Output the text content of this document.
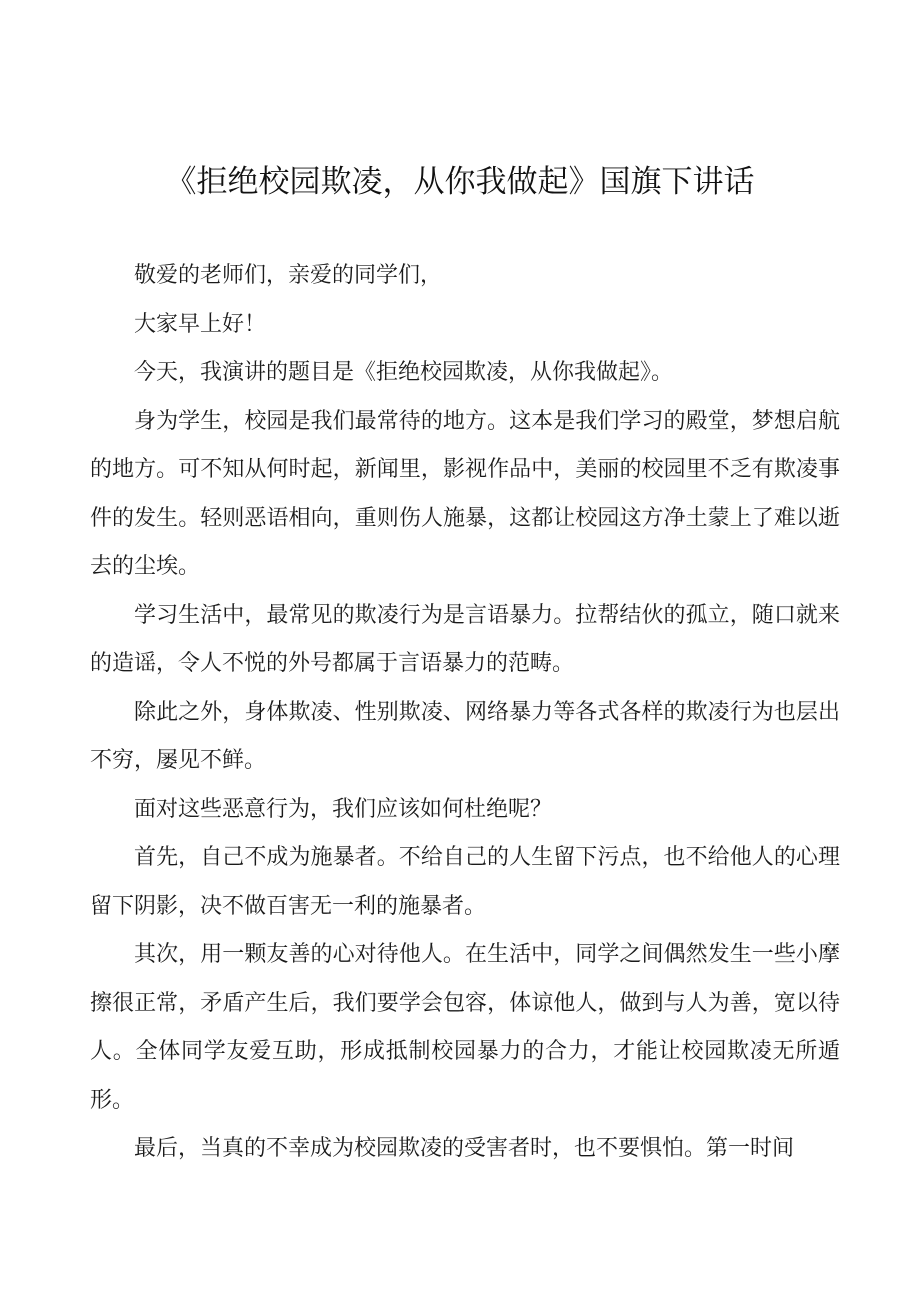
《拒绝校园欺凌，从你我做起》国旗下讲话

敬爱的老师们，亲爱的同学们，

大家早上好！

今天，我演讲的题目是《拒绝校园欺凌，从你我做起》。

身为学生，校园是我们最常待的地方。这本是我们学习的殿堂，梦想启航的地方。可不知从何时起，新闻里，影视作品中，美丽的校园里不乏有欺凌事件的发生。轻则恶语相向，重则伤人施暴，这都让校园这方净土蒙上了难以逝去的尘埃。

学习生活中，最常见的欺凌行为是言语暴力。拉帮结伙的孤立，随口就来的造谣，令人不悦的外号都属于言语暴力的范畴。

除此之外，身体欺凌、性别欺凌、网络暴力等各式各样的欺凌行为也层出不穷，屡见不鲜。

面对这些恶意行为，我们应该如何杜绝呢？

首先，自己不成为施暴者。不给自己的人生留下污点，也不给他人的心理留下阴影，决不做百害无一利的施暴者。

其次，用一颗友善的心对待他人。在生活中，同学之间偶然发生一些小摩擦很正常，矛盾产生后，我们要学会包容，体谅他人，做到与人为善，宽以待人。全体同学友爱互助，形成抵制校园暴力的合力，才能让校园欺凌无所遁形。

最后，当真的不幸成为校园欺凌的受害者时，也不要惧怕。第一时间
